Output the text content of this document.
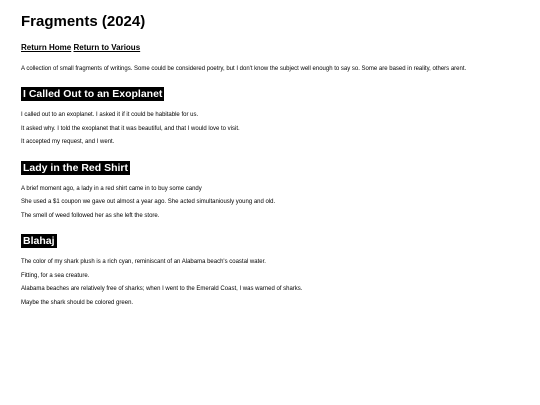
Fragments (2024)
Return Home Return to Various

A collection of small fragments of writings. Some could be considered poetry, but I don't know the subject well enough to say so. Some are based in reality, others arent.

I Called Out to an Exoplanet

I called out to an exoplanet. I asked it if it could be habitable for us.

It asked why. I told the exoplanet that it was beautiful, and that I would love to visit.

It accepted my request, and I went.

Lady in the Red Shirt

A brief moment ago, a lady in a red shirt came in to buy some candy

She used a $1 coupon we gave out almost a year ago. She acted simultaniously young and old.

The smell of weed followed her as she left the store.

Blahaj

The color of my shark plush is a rich cyan, reminiscant of an Alabama beach's coastal water.

Fitting, for a sea creature.

Alabama beaches are relatively free of sharks; when I went to the Emerald Coast, I was warned of sharks.

Maybe the shark should be colored green.
